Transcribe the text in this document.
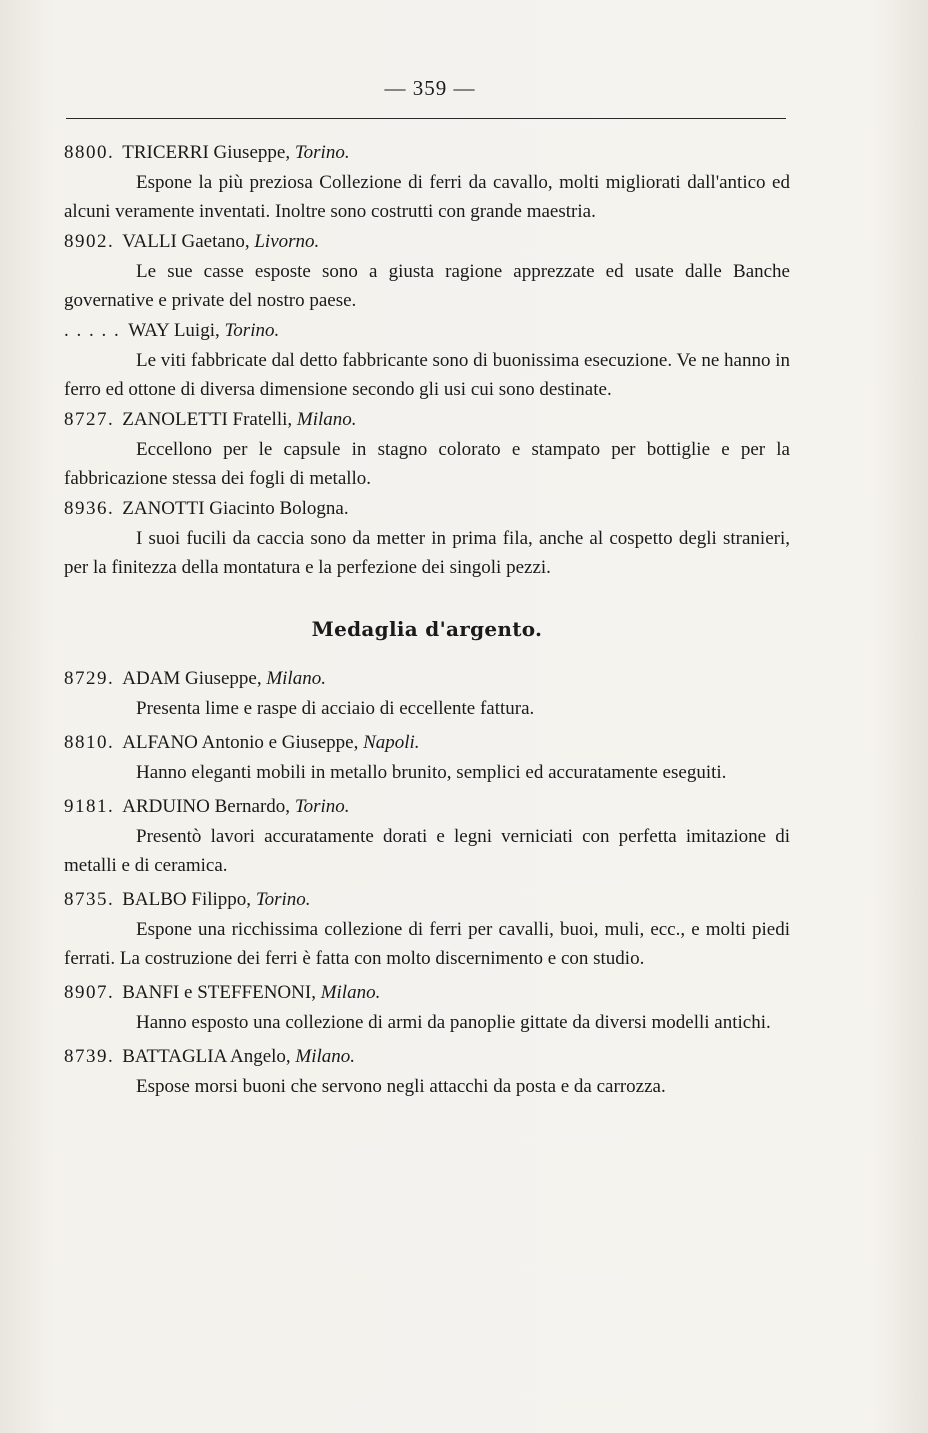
— 359 —
8800. TRICERRI Giuseppe, Torino.
Espone la più preziosa Collezione di ferri da cavallo, molti migliorati dall'antico ed alcuni veramente inventati. Inoltre sono costrutti con grande maestria.
8902. VALLI Gaetano, Livorno.
Le sue casse esposte sono a giusta ragione apprezzate ed usate dalle Banche governative e private del nostro paese.
. . . . . WAY Luigi, Torino.
Le viti fabbricate dal detto fabbricante sono di buonissima esecuzione. Ve ne hanno in ferro ed ottone di diversa dimensione secondo gli usi cui sono destinate.
8727. ZANOLETTI Fratelli, Milano.
Eccellono per le capsule in stagno colorato e stampato per bottiglie e per la fabbricazione stessa dei fogli di metallo.
8936. ZANOTTI Giacinto Bologna.
I suoi fucili da caccia sono da metter in prima fila, anche al cospetto degli stranieri, per la finitezza della montatura e la perfezione dei singoli pezzi.
Medaglia d'argento.
8729. ADAM Giuseppe, Milano.
Presenta lime e raspe di acciaio di eccellente fattura.
8810. ALFANO Antonio e Giuseppe, Napoli.
Hanno eleganti mobili in metallo brunito, semplici ed accuratamente eseguiti.
9181. ARDUINO Bernardo, Torino.
Presentò lavori accuratamente dorati e legni verniciati con perfetta imitazione di metalli e di ceramica.
8735. BALBO Filippo, Torino.
Espone una ricchissima collezione di ferri per cavalli, buoi, muli, ecc., e molti piedi ferrati. La costruzione dei ferri è fatta con molto discernimento e con studio.
8907. BANFI e STEFFENONI, Milano.
Hanno esposto una collezione di armi da panoplie gittate da diversi modelli antichi.
8739. BATTAGLIA Angelo, Milano.
Espose morsi buoni che servono negli attacchi da posta e da carrozza.
